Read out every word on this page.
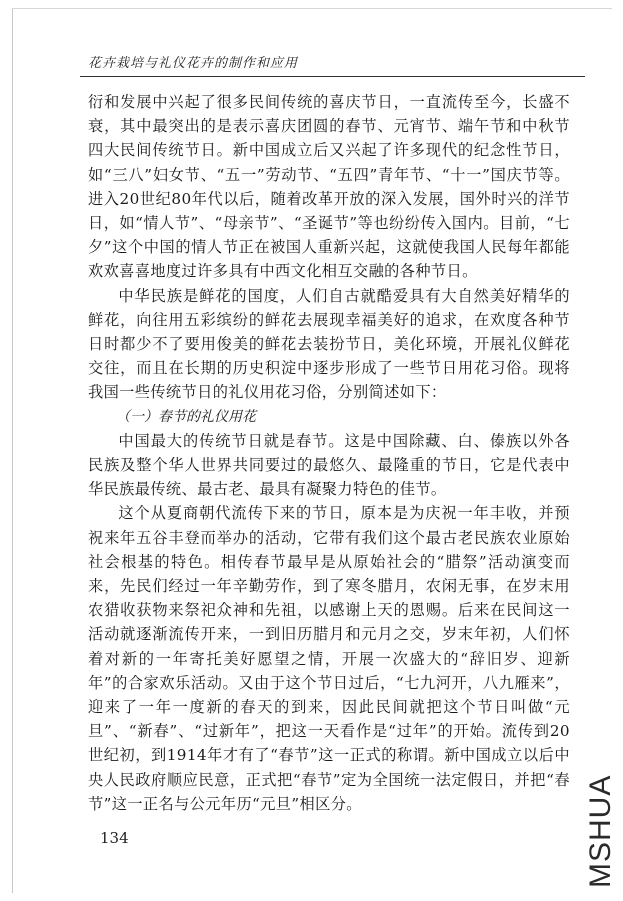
花卉栽培与礼仪花卉的制作和应用

衍和发展中兴起了很多民间传统的喜庆节日，一直流传至今，长盛不衰，其中最突出的是表示喜庆团圆的春节、元宵节、端午节和中秋节四大民间传统节日。新中国成立后又兴起了许多现代的纪念性节日，如“三八”妇女节、“五一”劳动节、“五四”青年节、“十一”国庆节等。进入20世纪80年代以后，随着改革开放的深入发展，国外时兴的洋节日，如“情人节”、“母亲节”、“圣诞节”等也纷纷传入国内。目前，“七夕”这个中国的情人节正在被国人重新兴起，这就使我国人民每年都能欢欢喜喜地度过许多具有中西文化相互交融的各种节日。

中华民族是鲜花的国度，人们自古就酷爱具有大自然美好精华的鲜花，向往用五彩缤纷的鲜花去展现幸福美好的追求，在欢度各种节日时都少不了要用俊美的鲜花去装扮节日，美化环境，开展礼仪鲜花交往，而且在长期的历史积淀中逐步形成了一些节日用花习俗。现将我国一些传统节日的礼仪用花习俗，分别简述如下：

（一）春节的礼仪用花

中国最大的传统节日就是春节。这是中国除藏、白、傣族以外各民族及整个华人世界共同要过的最悠久、最隆重的节日，它是代表中华民族最传统、最古老、最具有凝聚力特色的佳节。

这个从夏商朝代流传下来的节日，原本是为庆祝一年丰收，并预祝来年五谷丰登而举办的活动，它带有我们这个最古老民族农业原始社会根基的特色。相传春节最早是从原始社会的“腊祭”活动演变而来，先民们经过一年辛勤劳作，到了寒冬腊月，农闲无事，在岁末用农猎收获物来祭祀众神和先祖，以感谢上天的恩赐。后来在民间这一活动就逐渐流传开来，一到旧历腊月和元月之交，岁末年初，人们怀着对新的一年寄托美好愿望之情，开展一次盛大的“辞旧岁、迎新年”的合家欢乐活动。又由于这个节日过后，“七九河开，八九雁来”，迎来了一年一度新的春天的到来，因此民间就把这个节日叫做“元旦”、“新春”、“过新年”，把这一天看作是“过年”的开始。流传到20世纪初，到1914年才有了“春节”这一正式的称谓。新中国成立以后中央人民政府顺应民意，正式把“春节”定为全国统一法定假日，并把“春节”这一正名与公元年历“元旦”相区分。

134	MSHUA
